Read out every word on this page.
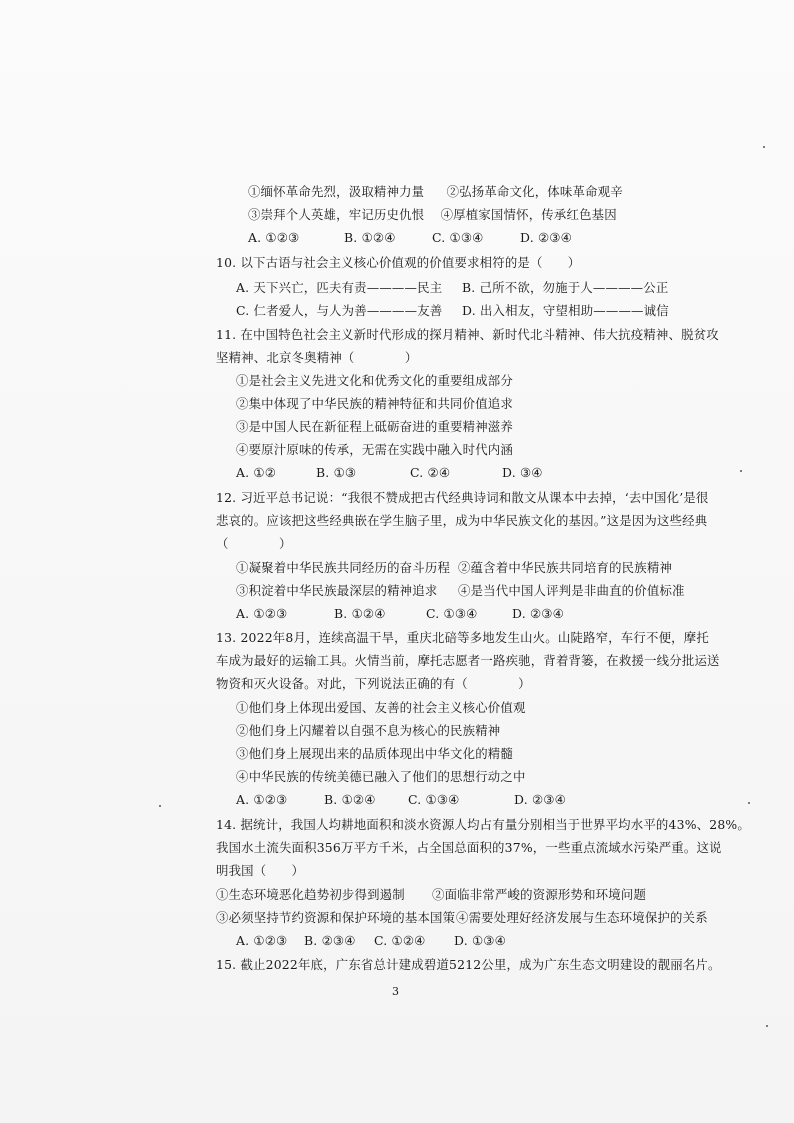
①缅怀革命先烈，汲取精神力量 ②弘扬革命文化，体味革命观辛
③崇拜个人英雄，牢记历史仇恨 ④厚植家国情怀，传承红色基因
A. ①②③	B. ①②④	C. ①③④	D. ②③④
10. 以下古语与社会主义核心价值观的价值要求相符的是（　　）
A. 天下兴亡，匹夫有责————民主 B. 己所不欲，勿施于人————公正
C. 仁者爱人，与人为善————友善 D. 出入相友，守望相助————诚信
11. 在中国特色社会主义新时代形成的探月精神、新时代北斗精神、伟大抗疫精神、脱贫攻
坚精神、北京冬奥精神（　　　　）
①是社会主义先进文化和优秀文化的重要组成部分
②集中体现了中华民族的精神特征和共同价值追求
③是中国人民在新征程上砥砺奋进的重要精神滋养
④要原汁原味的传承，无需在实践中融入时代内涵
A. ①②	B. ①③	C. ②④	D. ③④
12. 习近平总书记说：“我很不赞成把古代经典诗词和散文从课本中去掉，‘去中国化’是很
悲哀的。应该把这些经典嵌在学生脑子里，成为中华民族文化的基因。”这是因为这些经典
（　　　　）
①凝聚着中华民族共同经历的奋斗历程 ②蕴含着中华民族共同培育的民族精神
③积淀着中华民族最深层的精神追求 ④是当代中国人评判是非曲直的价值标准
A. ①②③	B. ①②④	C. ①③④	D. ②③④
13. 2022年8月，连续高温干旱，重庆北碚等多地发生山火。山陡路窄，车行不便，摩托
车成为最好的运输工具。火情当前，摩托志愿者一路疾驰，背着背篓，在救援一线分批运送
物资和灭火设备。对此，下列说法正确的有（　　　　）
①他们身上体现出爱国、友善的社会主义核心价值观
②他们身上闪耀着以自强不息为核心的民族精神
③他们身上展现出来的品质体现出中华文化的精髓
④中华民族的传统美德已融入了他们的思想行动之中
A. ①②③	B. ①②④	C. ①③④	D. ②③④
14. 据统计，我国人均耕地面积和淡水资源人均占有量分别相当于世界平均水平的43%、28%。
我国水土流失面积356万平方千米，占全国总面积的37%，一些重点流域水污染严重。这说
明我国（　　）
①生态环境恶化趋势初步得到遏制 ②面临非常严峻的资源形势和环境问题
③必须坚持节约资源和保护环境的基本国策 ④需要处理好经济发展与生态环境保护的关系
A. ①②③ B. ②③④ C. ①②④ D. ①③④
15. 截止2022年底，广东省总计建成碧道5212公里，成为广东生态文明建设的靓丽名片。
3
